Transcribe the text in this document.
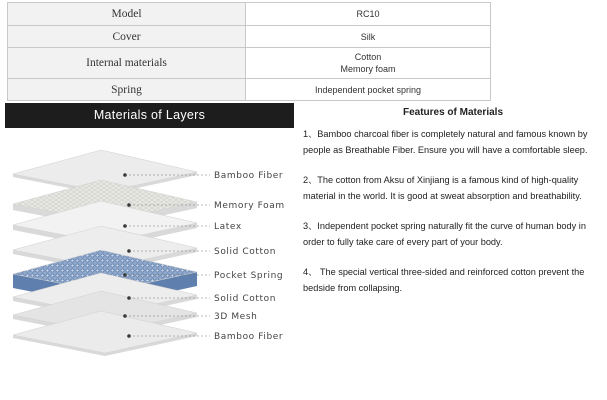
Model	RC10
Cover	Silk
Internal materials	Cotton
Memory foam

Spring	Independent pocket spring
Materials of Layers
Bamboo Fiber
Memory Foam
Latex
Solid Cotton
Pocket Spring
Solid Cotton
3D Mesh
Bamboo Fiber
Features of Materials

1、Bamboo charcoal fiber is completely natural and famous known by people as Breathable Fiber. Ensure you will have a comfortable sleep.

2、The cotton from Aksu of Xinjiang is a famous kind of high-quality material in the world. It is good at sweat absorption and breathability.

3、Independent pocket spring naturally fit the curve of human body in order to fully take care of every part of your body.

4、 The special vertical three-sided and reinforced cotton prevent the bedside from collapsing.
